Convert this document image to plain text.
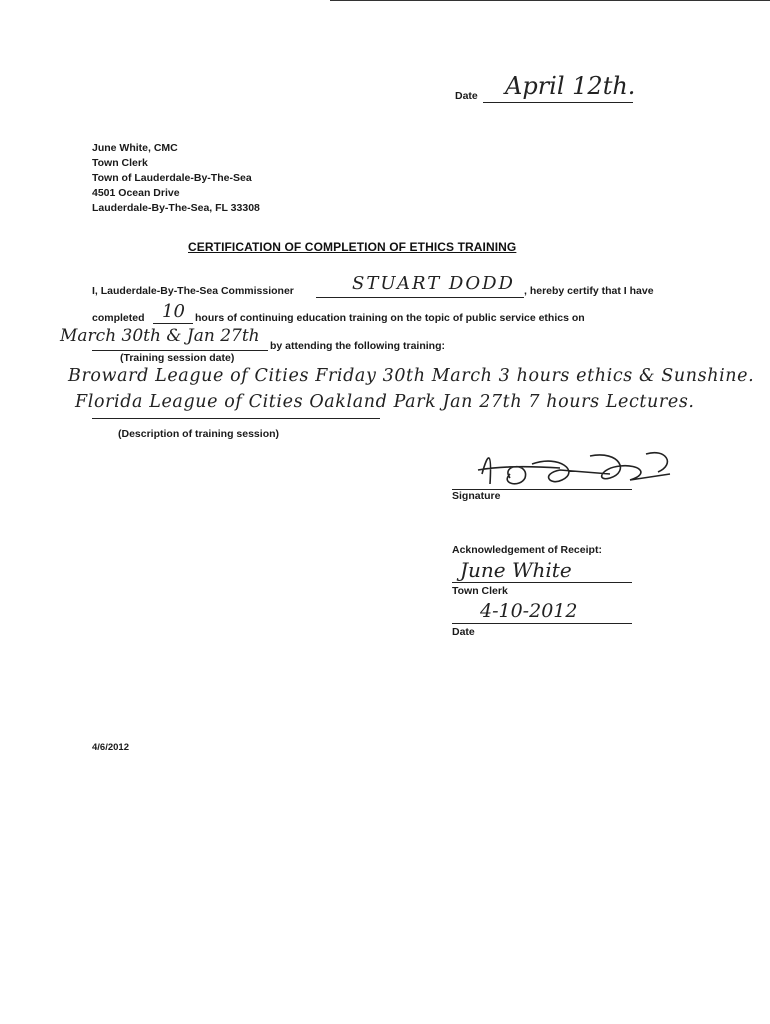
Date April 12th.
June White, CMC
Town Clerk
Town of Lauderdale-By-The-Sea
4501 Ocean Drive
Lauderdale-By-The-Sea, FL 33308
CERTIFICATION OF COMPLETION OF ETHICS TRAINING
I, Lauderdale-By-The-Sea Commissioner	STUART DODD , hereby certify that I have
completed 10 hours of continuing education training on the topic of public service ethics on
March 30th & Jan 27th by attending the following training:
(Training session date)
Broward League of Cities Friday 30th March 3 hours ethics & Sunshine.
Florida League of Cities Oakland Park Jan 27th 7 hours Lectures.
(Description of training session)
Signature
Acknowledgement of Receipt:
June White
Town Clerk
4-10-2012
Date
4/6/2012
